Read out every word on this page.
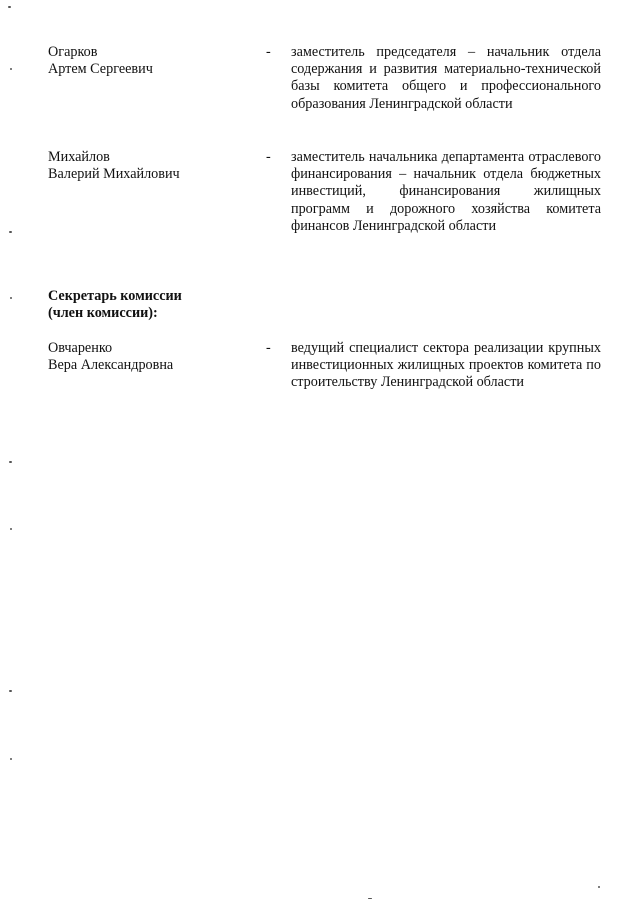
Огарков
Артем Сергеевич
-	заместитель председателя – начальник отдела содержания и развития материально-технической базы комитета общего и профессионального образования Ленинградской области
Михайлов
Валерий Михайлович
-	заместитель начальника департамента отраслевого финансирования – начальник отдела бюджетных инвестиций, финансирования жилищных программ и дорожного хозяйства комитета финансов Ленинградской области
Секретарь комиссии
(член комиссии):
Овчаренко
Вера Александровна
-	ведущий специалист сектора реализации крупных инвестиционных жилищных проектов комитета по строительству Ленинградской области
